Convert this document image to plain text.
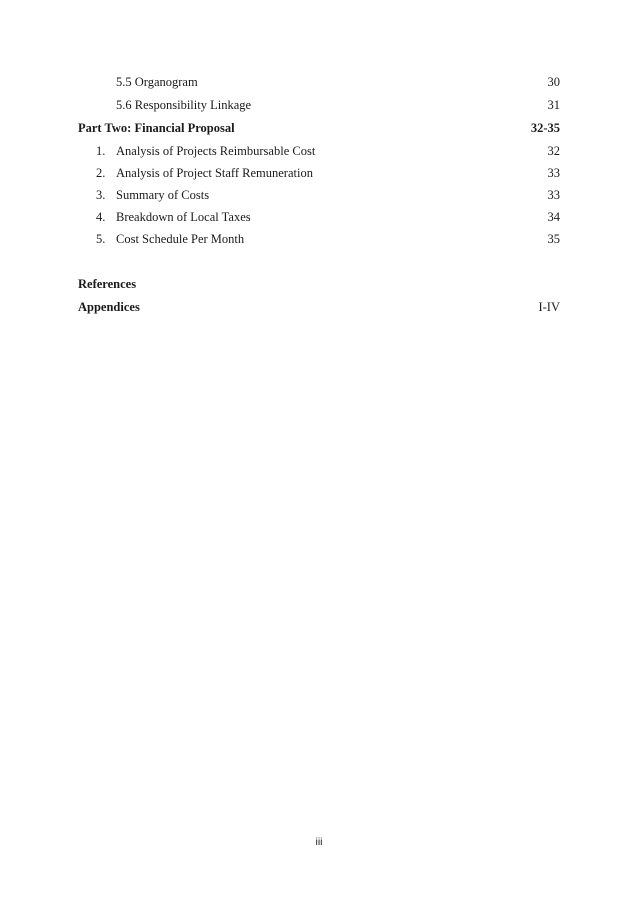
5.5 Organogram	30
5.6 Responsibility Linkage	31
Part Two: Financial Proposal	32-35
1. Analysis of Projects Reimbursable Cost	32
2. Analysis of Project Staff Remuneration	33
3. Summary of Costs	33
4. Breakdown of Local Taxes	34
5. Cost Schedule Per Month	35
References
Appendices	I-IV
iii
